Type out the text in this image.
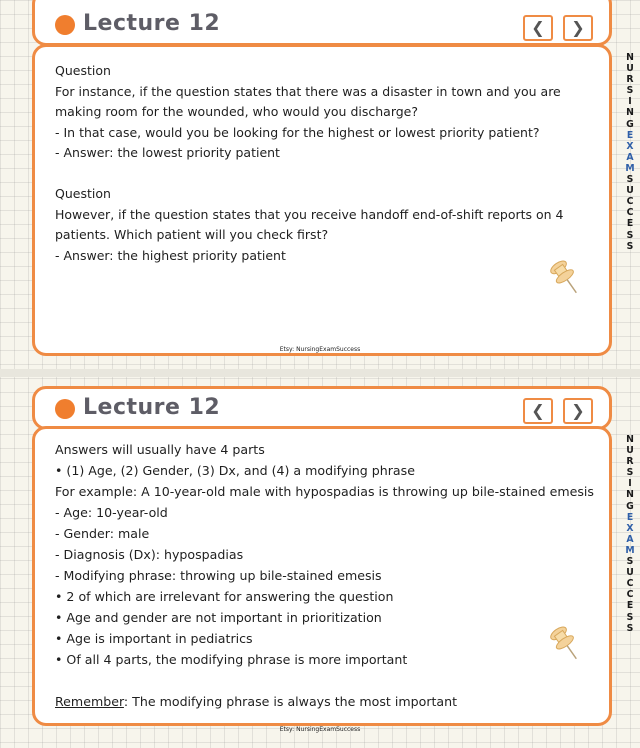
Lecture 12	❮	❯
Question
For instance, if the question states that there was a disaster in town and you are
making room for the wounded, who would you discharge?
- In that case, would you be looking for the highest or lowest priority patient?
- Answer: the lowest priority patient
Question
However, if the question states that you receive handoff end-of-shift reports on 4
patients. Which patient will you check first?
- Answer: the highest priority patient
Etsy: NursingExamSuccess
N
U
R
S
I
N
G
E
X
A
M
S
U
C
C
E
S
S
Lecture 12	❮	❯
Answers will usually have 4 parts
• (1) Age, (2) Gender, (3) Dx, and (4) a modifying phrase
For example: A 10-year-old male with hypospadias is throwing up bile-stained emesis
- Age: 10-year-old
- Gender: male
- Diagnosis (Dx): hypospadias
- Modifying phrase: throwing up bile-stained emesis
• 2 of which are irrelevant for answering the question
• Age and gender are not important in prioritization
• Age is important in pediatrics
• Of all 4 parts, the modifying phrase is more important
Remember: The modifying phrase is always the most important
Etsy: NursingExamSuccess
N
U
R
S
I
N
G
E
X
A
M
S
U
C
C
E
S
S
